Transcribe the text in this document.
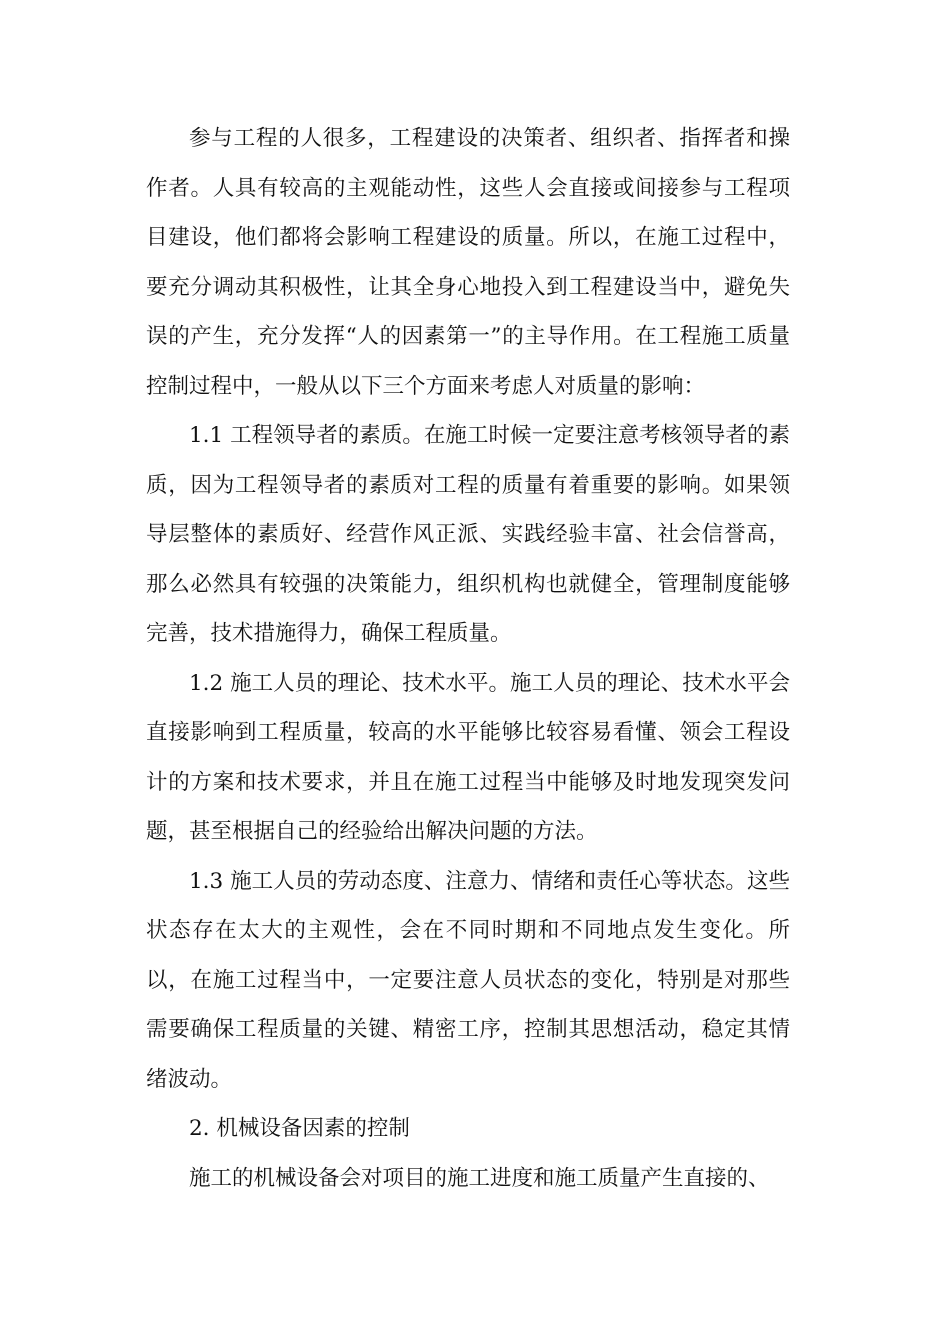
参与工程的人很多，工程建设的决策者、组织者、指挥者和操作者。人具有较高的主观能动性，这些人会直接或间接参与工程项目建设，他们都将会影响工程建设的质量。所以，在施工过程中，要充分调动其积极性，让其全身心地投入到工程建设当中，避免失误的产生，充分发挥“人的因素第一”的主导作用。在工程施工质量控制过程中，一般从以下三个方面来考虑人对质量的影响：

1.1 工程领导者的素质。在施工时候一定要注意考核领导者的素质，因为工程领导者的素质对工程的质量有着重要的影响。如果领导层整体的素质好、经营作风正派、实践经验丰富、社会信誉高，那么必然具有较强的决策能力，组织机构也就健全，管理制度能够完善，技术措施得力，确保工程质量。

1.2 施工人员的理论、技术水平。施工人员的理论、技术水平会直接影响到工程质量，较高的水平能够比较容易看懂、领会工程设计的方案和技术要求，并且在施工过程当中能够及时地发现突发问题，甚至根据自己的经验给出解决问题的方法。

1.3 施工人员的劳动态度、注意力、情绪和责任心等状态。这些状态存在太大的主观性，会在不同时期和不同地点发生变化。所以，在施工过程当中，一定要注意人员状态的变化，特别是对那些需要确保工程质量的关键、精密工序，控制其思想活动，稳定其情绪波动。

2. 机械设备因素的控制

施工的机械设备会对项目的施工进度和施工质量产生直接的、
